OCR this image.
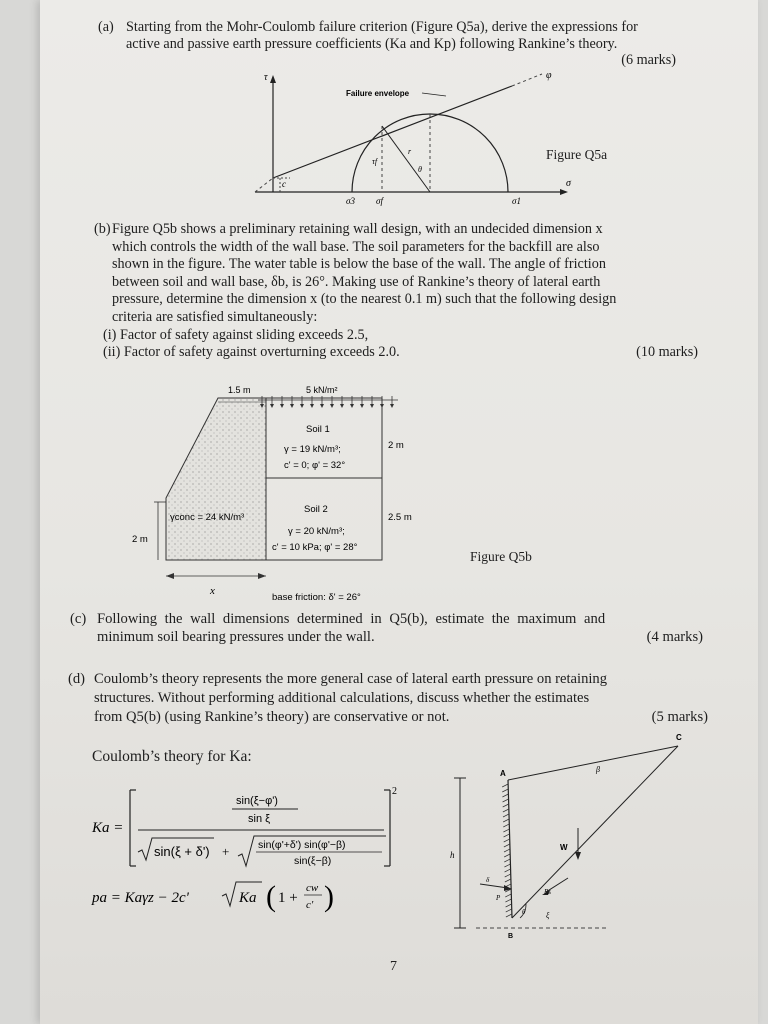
(a) Starting from the Mohr-Coulomb failure criterion (Figure Q5a), derive the expressions for
active and passive earth pressure coefficients (Ka and Kp) following Rankine’s theory.
(6 marks)
τ
Failure envelope
φ
c
τf
r
θ
σ3 σf	σ1
σ
Figure Q5a
(b) Figure Q5b shows a preliminary retaining wall design, with an undecided dimension x
which controls the width of the wall base. The soil parameters for the backfill are also
shown in the figure. The water table is below the base of the wall. The angle of friction
between soil and wall base, δb, is 26°. Making use of Rankine’s theory of lateral earth
pressure, determine the dimension x (to the nearest 0.1 m) such that the following design
criteria are satisfied simultaneously:
(i) Factor of safety against sliding exceeds 2.5,
(ii) Factor of safety against overturning exceeds 2.0.	(10 marks)
1.5 m	5 kN/m²
Soil 1
γ = 19 kN/m³;
c' = 0; φ' = 32°
2 m
Soil 2
γ = 20 kN/m³;
c' = 10 kPa; φ' = 28°
2.5 m
γconc = 24 kN/m³
2 m
x
base friction: δ' = 26°
Figure Q5b
(c) Following the wall dimensions determined in Q5(b), estimate the maximum and
minimum soil bearing pressures under the wall.	(4 marks)
(d) Coulomb’s theory represents the more general case of lateral earth pressure on retaining
structures. Without performing additional calculations, discuss whether the estimates
from Q5(b) (using Rankine’s theory) are conservative or not.	(5 marks)
Coulomb’s theory for Ka:
Ka =
2
sin(ξ−φ')
sin ξ
sin(ξ + δ') +	sin(φ'+δ') sin(φ'−β)
sin(ξ−β)
pa = Kaγz − 2c'	Ka ( 1 +
cw
c' )
h
W
P
δ
Rs
θ	ξ
A
B
C
β
7
